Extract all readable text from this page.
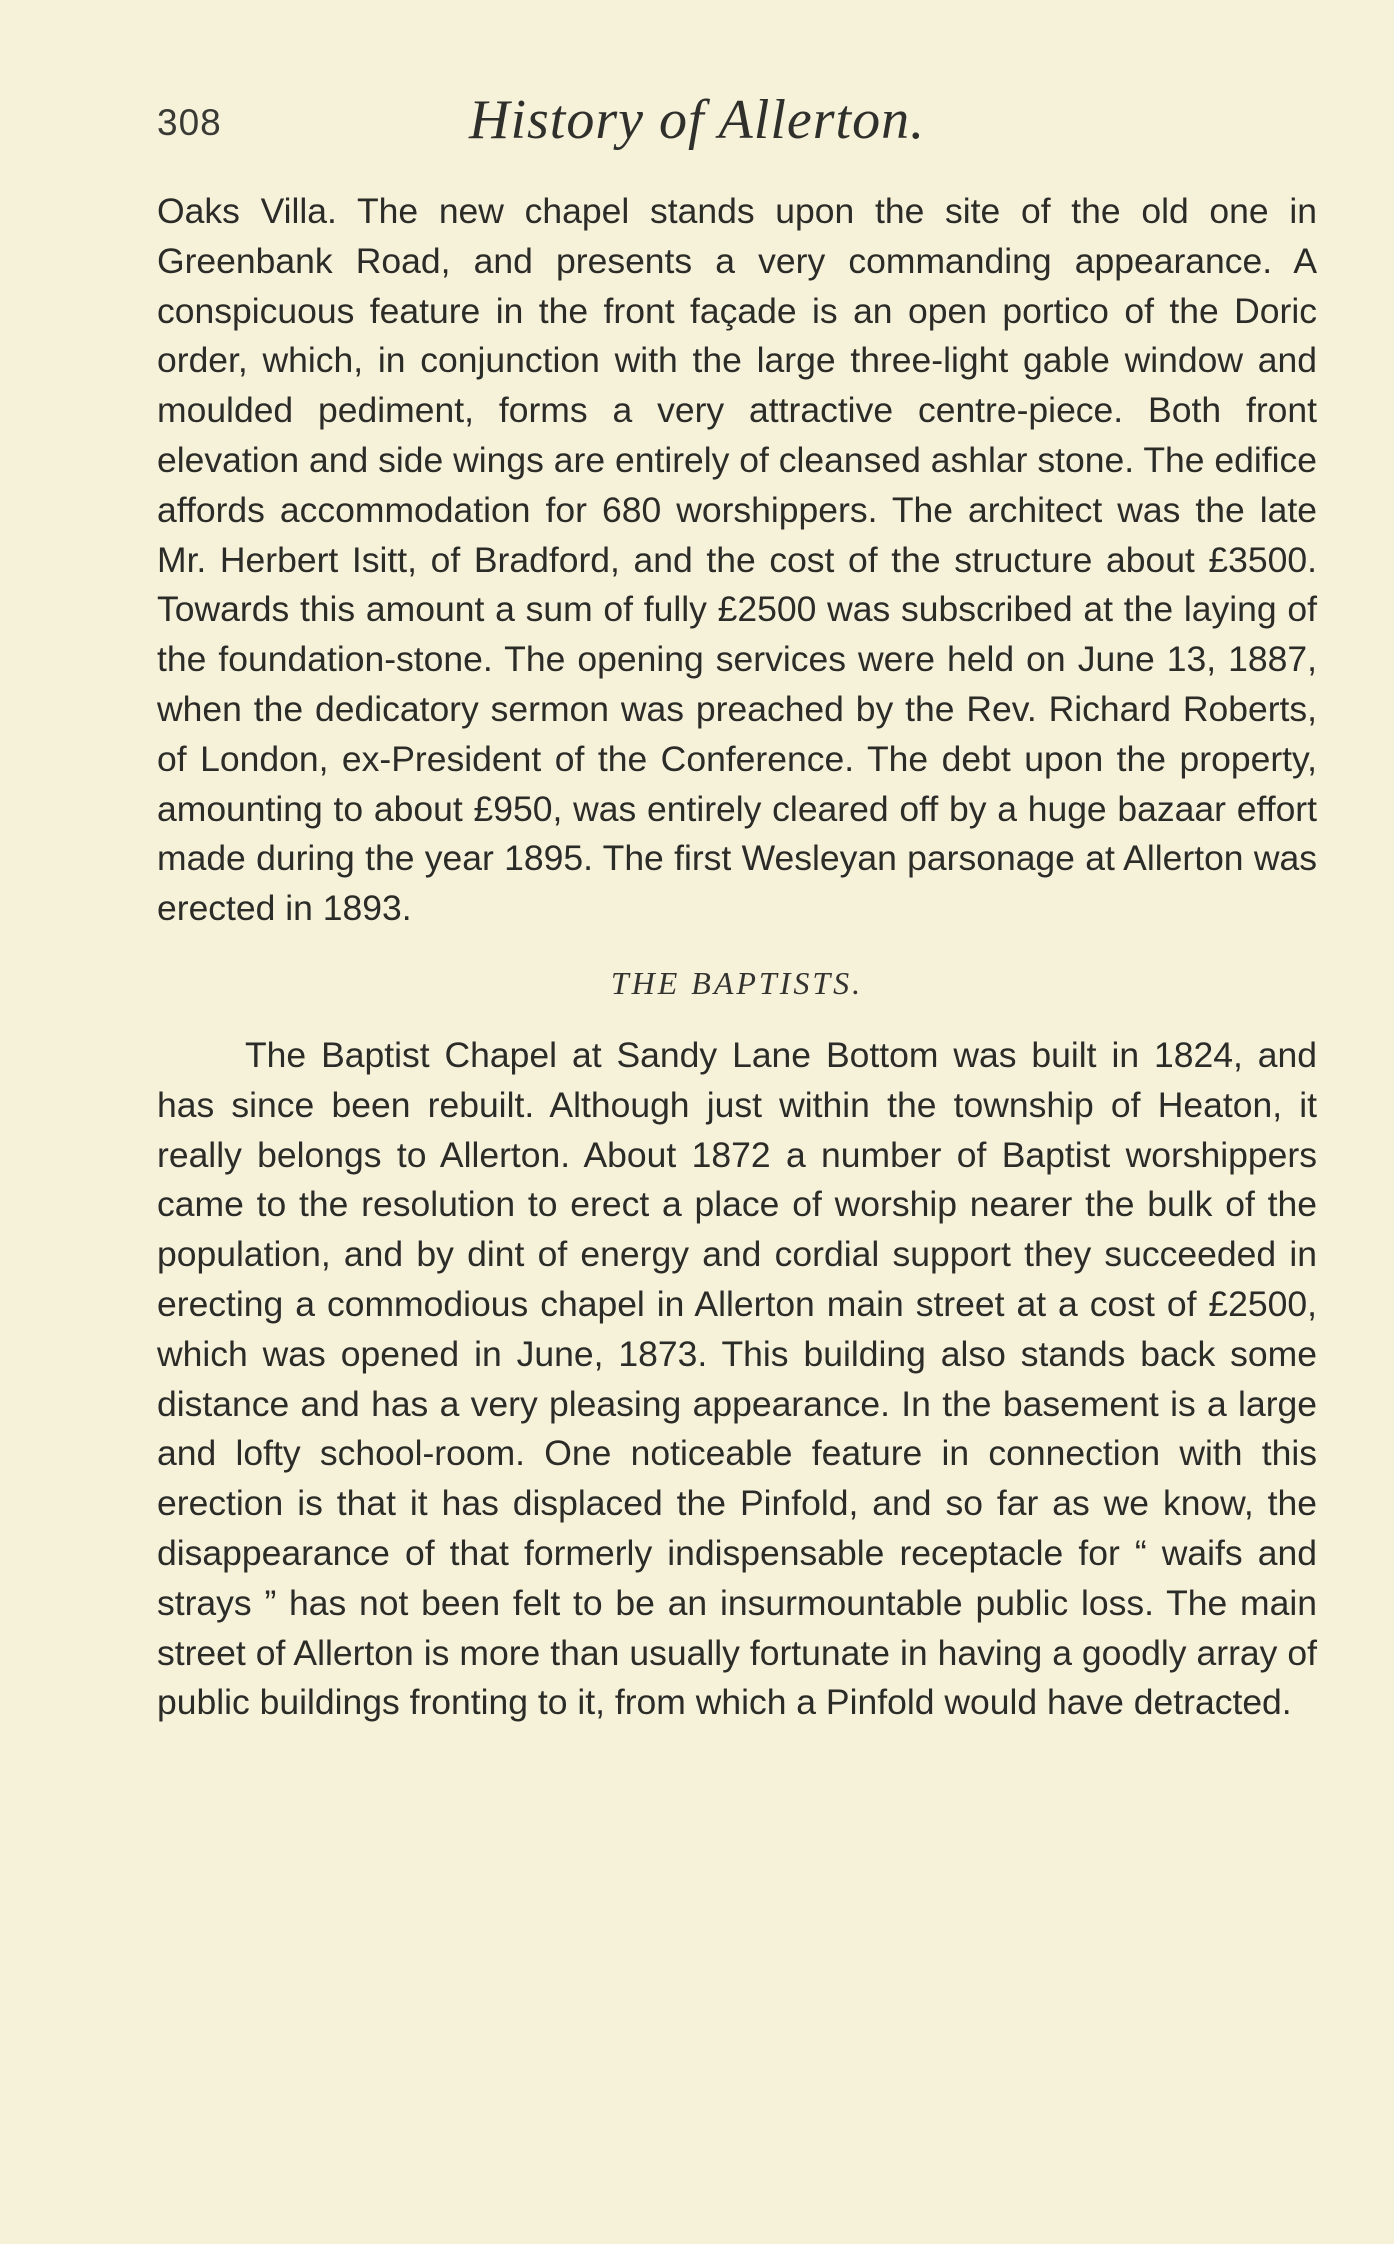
308	History of Allerton.

Oaks Villa. The new chapel stands upon the site of the old one in Greenbank Road, and presents a very commanding appearance. A conspicuous feature in the front façade is an open portico of the Doric order, which, in conjunction with the large three-light gable window and moulded pediment, forms a very attractive centre-piece. Both front elevation and side wings are entirely of cleansed ashlar stone. The edifice affords accommodation for 680 worshippers. The architect was the late Mr. Herbert Isitt, of Bradford, and the cost of the structure about £3500. Towards this amount a sum of fully £2500 was subscribed at the laying of the foundation-stone. The opening services were held on June 13, 1887, when the dedicatory sermon was preached by the Rev. Richard Roberts, of London, ex-President of the Conference. The debt upon the property, amounting to about £950, was entirely cleared off by a huge bazaar effort made during the year 1895. The first Wesleyan parsonage at Allerton was erected in 1893.

THE BAPTISTS.

The Baptist Chapel at Sandy Lane Bottom was built in 1824, and has since been rebuilt. Although just within the township of Heaton, it really belongs to Allerton. About 1872 a number of Baptist worshippers came to the resolution to erect a place of worship nearer the bulk of the population, and by dint of energy and cordial support they succeeded in erecting a commodious chapel in Allerton main street at a cost of £2500, which was opened in June, 1873. This building also stands back some distance and has a very pleasing appearance. In the basement is a large and lofty school-room. One noticeable feature in connection with this erection is that it has displaced the Pinfold, and so far as we know, the disappearance of that formerly indispensable receptacle for “ waifs and strays ” has not been felt to be an insurmountable public loss. The main street of Allerton is more than usually fortunate in having a goodly array of public buildings fronting to it, from which a Pinfold would have detracted.
